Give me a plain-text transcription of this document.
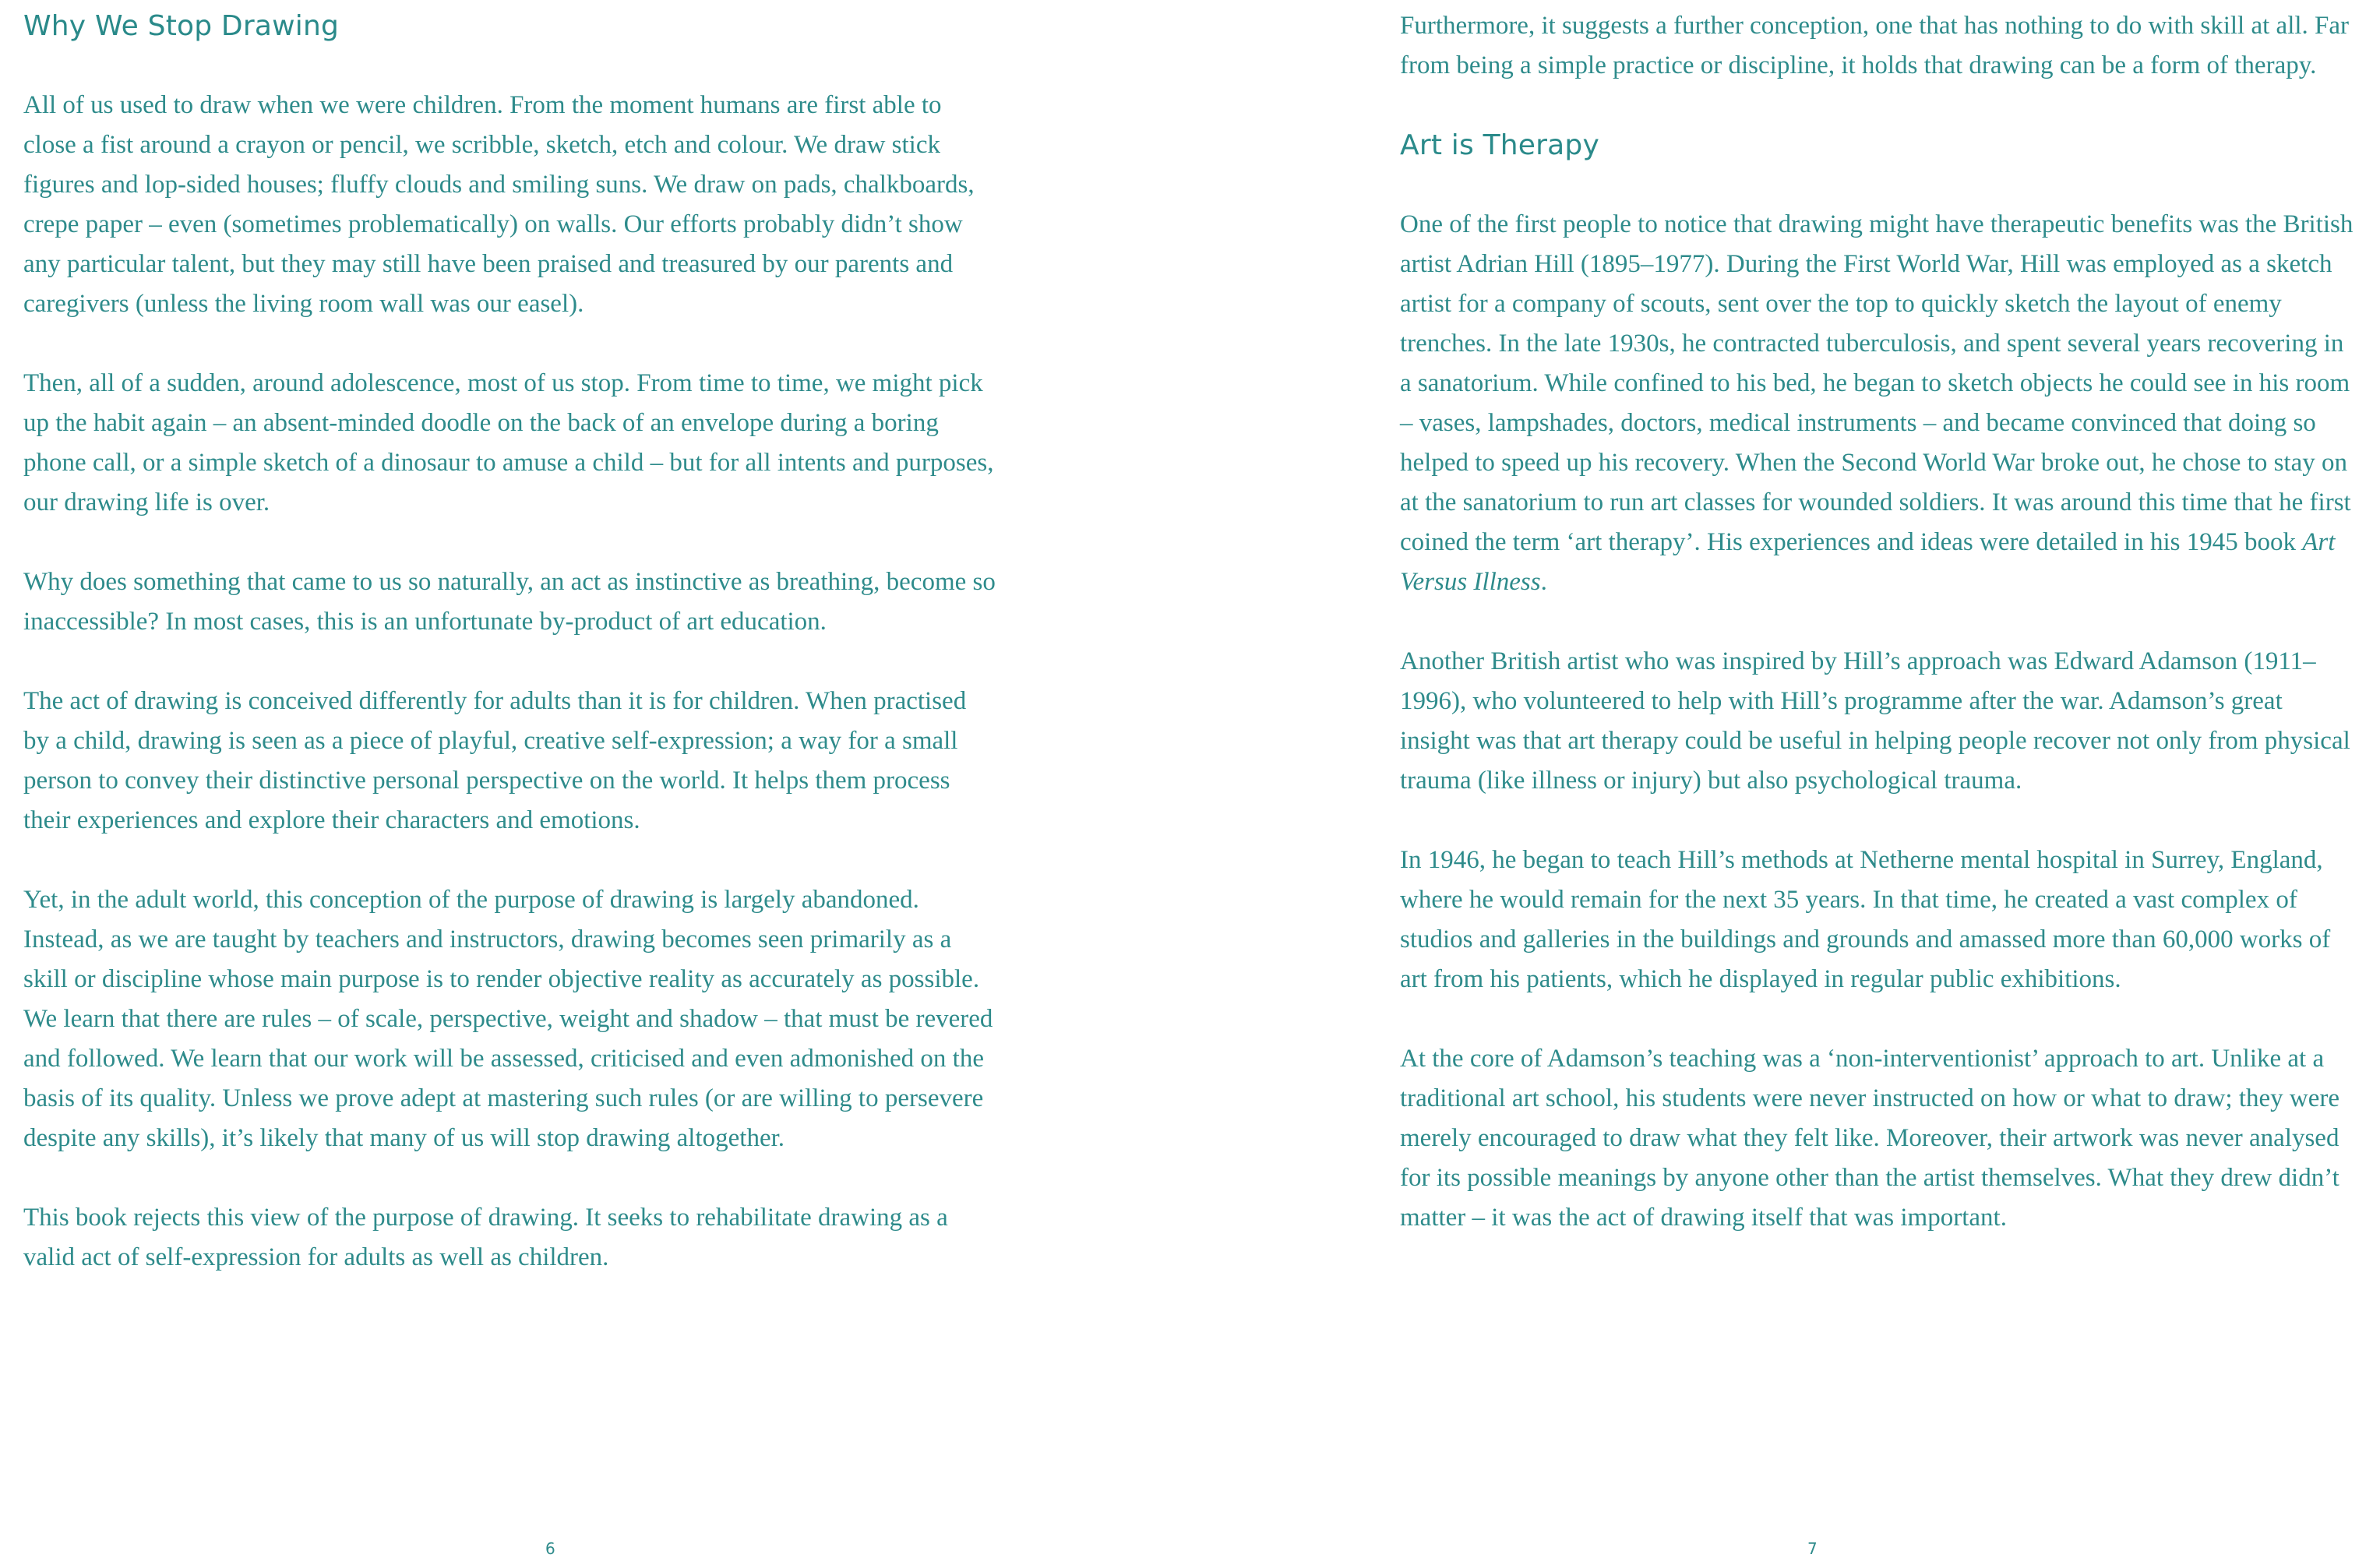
Why We Stop Drawing

All of us used to draw when we were children. From the moment humans are first able to close a fist around a crayon or pencil, we scribble, sketch, etch and colour. We draw stick figures and lop-sided houses; fluffy clouds and smiling suns. We draw on pads, chalkboards, crepe paper – even (sometimes problematically) on walls. Our efforts probably didn’t show any particular talent, but they may still have been praised and treasured by our parents and caregivers (unless the living room wall was our easel).

Then, all of a sudden, around adolescence, most of us stop. From time to time, we might pick up the habit again – an absent-minded doodle on the back of an envelope during a boring phone call, or a simple sketch of a dinosaur to amuse a child – but for all intents and purposes, our drawing life is over.

Why does something that came to us so naturally, an act as instinctive as breathing, become so inaccessible? In most cases, this is an unfortunate by-product of art education.

The act of drawing is conceived differently for adults than it is for children. When practised by a child, drawing is seen as a piece of playful, creative self-expression; a way for a small person to convey their distinctive personal perspective on the world. It helps them process their experiences and explore their characters and emotions.

Yet, in the adult world, this conception of the purpose of drawing is largely abandoned. Instead, as we are taught by teachers and instructors, drawing becomes seen primarily as a skill or discipline whose main purpose is to render objective reality as accurately as possible. We learn that there are rules – of scale, perspective, weight and shadow – that must be revered and followed. We learn that our work will be assessed, criticised and even admonished on the basis of its quality. Unless we prove adept at mastering such rules (or are willing to persevere despite any skills), it’s likely that many of us will stop drawing altogether.

This book rejects this view of the purpose of drawing. It seeks to rehabilitate drawing as a valid act of self-expression for adults as well as children.

Furthermore, it suggests a further conception, one that has nothing to do with skill at all. Far from being a simple practice or discipline, it holds that drawing can be a form of therapy.

Art is Therapy

One of the first people to notice that drawing might have therapeutic benefits was the British artist Adrian Hill (1895–1977). During the First World War, Hill was employed as a sketch artist for a company of scouts, sent over the top to quickly sketch the layout of enemy trenches. In the late 1930s, he contracted tuberculosis, and spent several years recovering in a sanatorium. While confined to his bed, he began to sketch objects he could see in his room – vases, lampshades, doctors, medical instruments – and became convinced that doing so helped to speed up his recovery. When the Second World War broke out, he chose to stay on at the sanatorium to run art classes for wounded soldiers. It was around this time that he first coined the term ‘art therapy’. His experiences and ideas were detailed in his 1945 book Art Versus Illness.

Another British artist who was inspired by Hill’s approach was Edward Adamson (1911–1996), who volunteered to help with Hill’s programme after the war. Adamson’s great insight was that art therapy could be useful in helping people recover not only from physical trauma (like illness or injury) but also psychological trauma.

In 1946, he began to teach Hill’s methods at Netherne mental hospital in Surrey, England, where he would remain for the next 35 years. In that time, he created a vast complex of studios and galleries in the buildings and grounds and amassed more than 60,000 works of art from his patients, which he displayed in regular public exhibitions.

At the core of Adamson’s teaching was a ‘non-interventionist’ approach to art. Unlike at a traditional art school, his students were never instructed on how or what to draw; they were merely encouraged to draw what they felt like. Moreover, their artwork was never analysed for its possible meanings by anyone other than the artist themselves. What they drew didn’t matter – it was the act of drawing itself that was important.

6	7
